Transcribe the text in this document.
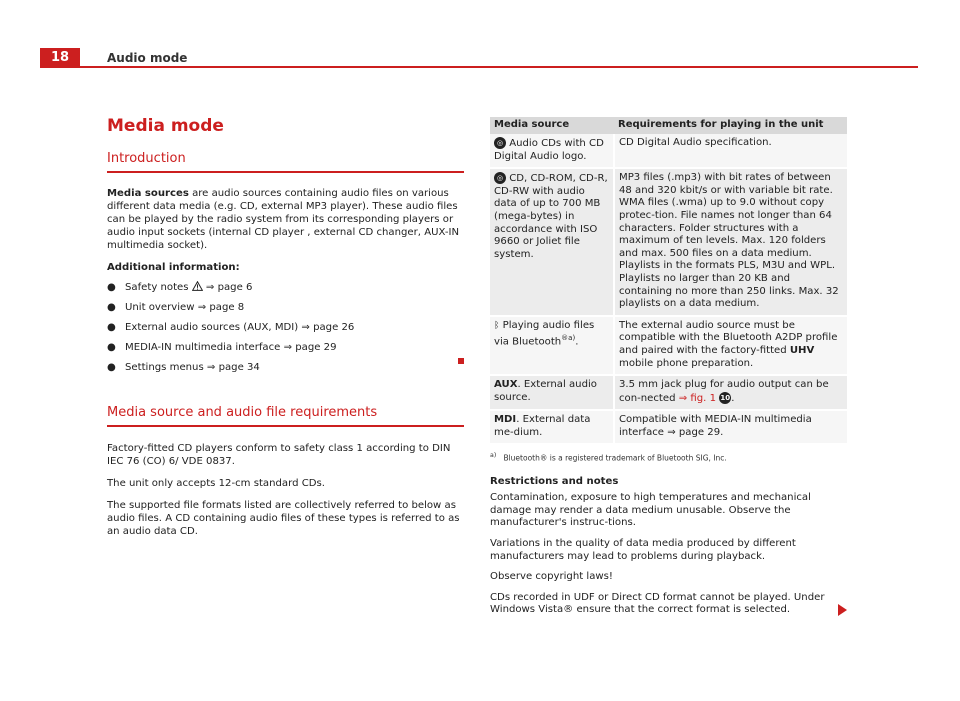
18	Audio mode
Media mode
Introduction
Media sources are audio sources containing audio files on various different data media (e.g. CD, external MP3 player). These audio files can be played by the radio system from its corresponding players or audio input sockets (internal CD player , external CD changer, AUX-IN multimedia socket).
Additional information:
● Safety notes  ⇒ page 6
● Unit overview ⇒ page 8
● External audio sources (AUX, MDI) ⇒ page 26
● MEDIA-IN multimedia interface ⇒ page 29
● Settings menus ⇒ page 34
Media source and audio file requirements
Factory-fitted CD players conform to safety class 1 according to DIN IEC 76 (CO) 6/ VDE 0837.
The unit only accepts 12-cm standard CDs.
The supported file formats listed are collectively referred to below as audio files. A CD containing audio files of these types is referred to as an audio data CD.
Media source	Requirements for playing in the unit
◎ Audio CDs with CD Digital Audio logo.	CD Digital Audio specification.
◎ CD, CD-ROM, CD-R, CD-RW with audio data of up to 700 MB (mega-bytes) in accordance with ISO 9660 or Joliet file system.	MP3 files (.mp3) with bit rates of between 48 and 320 kbit/s or with variable bit rate. WMA files (.wma) up to 9.0 without copy protec-tion. File names not longer than 64 characters. Folder structures with a maximum of ten levels. Max. 120 folders and max. 500 files on a data medium. Playlists in the formats PLS, M3U and WPL. Playlists no larger than 20 KB and containing no more than 250 links. Max. 32 playlists on a data medium.
ᛒ Playing audio files via Bluetooth$^{®a)}$.	The external audio source must be compatible with the Bluetooth A2DP profile and paired with the factory-fitted UHV mobile phone preparation.
AUX. External audio source.	3.5 mm jack plug for audio output can be con-nected ⇒ fig. 1 10.
MDI. External data me-dium.	Compatible with MEDIA-IN multimedia interface ⇒ page 29.
$^{a)}$ Bluetooth® is a registered trademark of Bluetooth SIG, Inc.
Restrictions and notes
Contamination, exposure to high temperatures and mechanical damage may render a data medium unusable. Observe the manufacturer's instruc-tions.
Variations in the quality of data media produced by different manufacturers may lead to problems during playback.
Observe copyright laws!
CDs recorded in UDF or Direct CD format cannot be played. Under Windows Vista® ensure that the correct format is selected.
